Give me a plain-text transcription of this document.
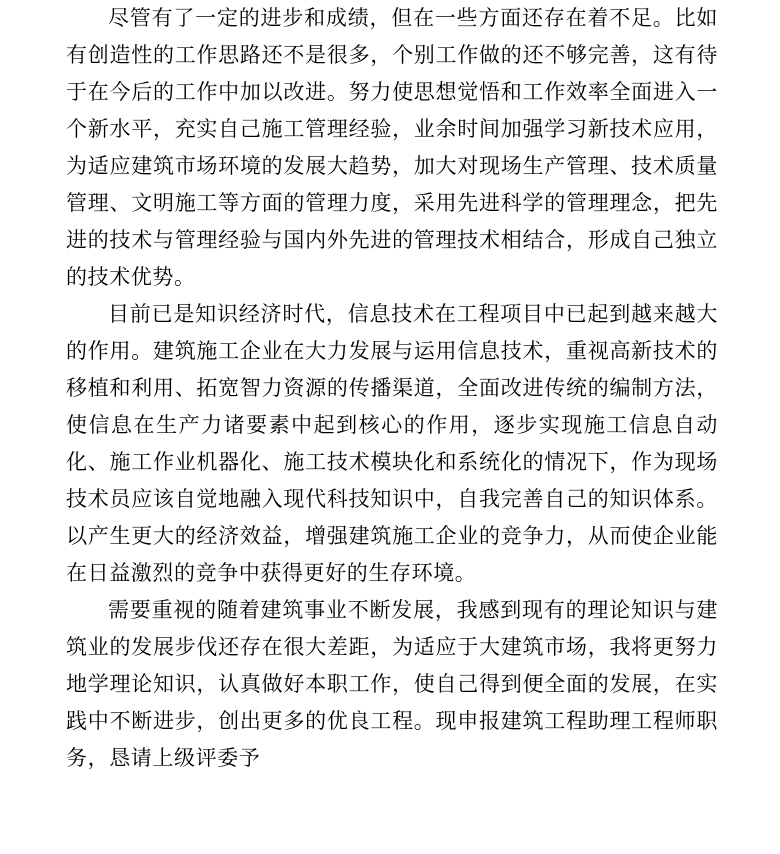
尽管有了一定的进步和成绩，但在一些方面还存在着不足。比如有创造性的工作思路还不是很多，个别工作做的还不够完善，这有待于在今后的工作中加以改进。努力使思想觉悟和工作效率全面进入一个新水平，充实自己施工管理经验，业余时间加强学习新技术应用，为适应建筑市场环境的发展大趋势，加大对现场生产管理、技术质量管理、文明施工等方面的管理力度，采用先进科学的管理理念，把先进的技术与管理经验与国内外先进的管理技术相结合，形成自己独立的技术优势。

目前已是知识经济时代，信息技术在工程项目中已起到越来越大的作用。建筑施工企业在大力发展与运用信息技术，重视高新技术的移植和利用、拓宽智力资源的传播渠道，全面改进传统的编制方法，使信息在生产力诸要素中起到核心的作用，逐步实现施工信息自动化、施工作业机器化、施工技术模块化和系统化的情况下，作为现场技术员应该自觉地融入现代科技知识中，自我完善自己的知识体系。以产生更大的经济效益，增强建筑施工企业的竞争力，从而使企业能在日益激烈的竞争中获得更好的生存环境。

需要重视的随着建筑事业不断发展，我感到现有的理论知识与建筑业的发展步伐还存在很大差距，为适应于大建筑市场，我将更努力地学理论知识，认真做好本职工作，使自己得到便全面的发展，在实践中不断进步，创出更多的优良工程。现申报建筑工程助理工程师职务，恳请上级评委予
